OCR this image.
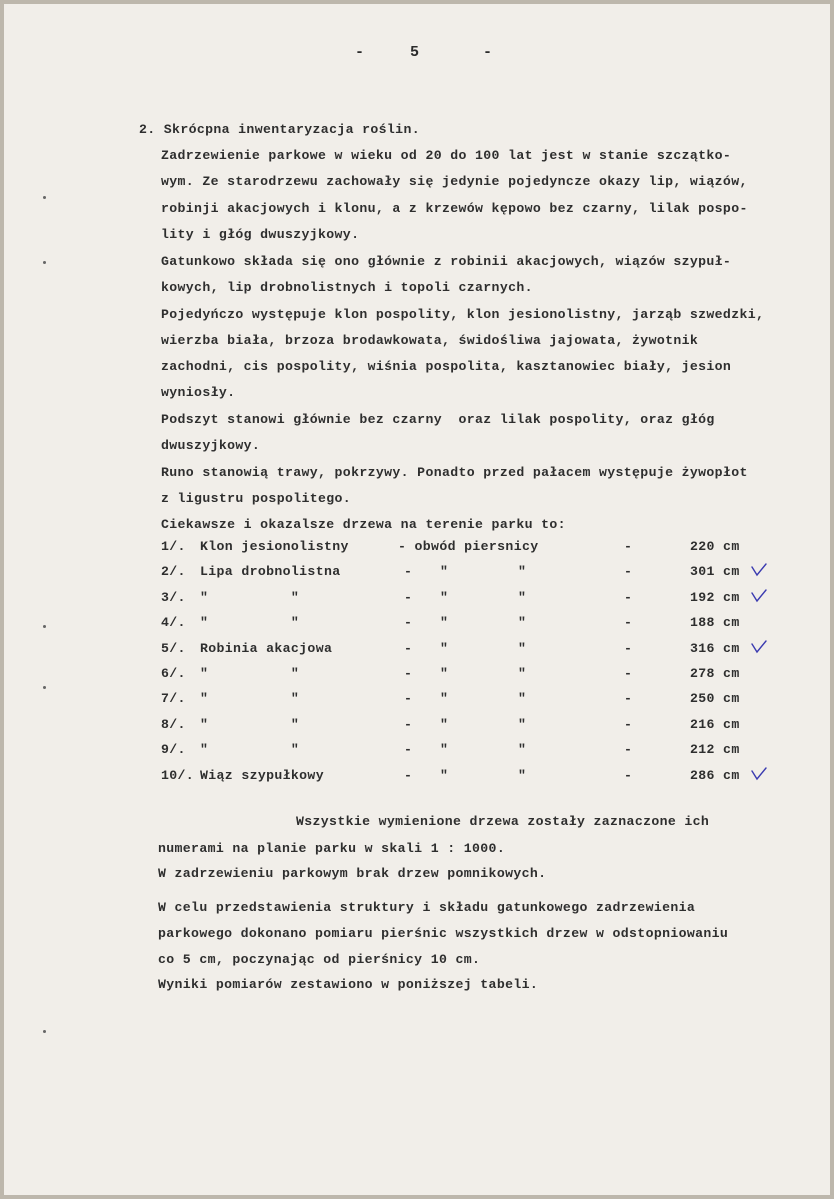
-	5	-
2. Skrócpna inwentaryzacja roślin.
Zadrzewienie parkowe w wieku od 20 do 100 lat jest w stanie szczątko-
wym. Ze starodrzewu zachowały się jedynie pojedyncze okazy lip, wiązów,
robinji akacjowych i klonu, a z krzewów kępowo bez czarny, lilak pospo-
lity i głóg dwuszyjkowy.
Gatunkowo składa się ono głównie z robinii akacjowych, wiązów szypuł-
kowych, lip drobnolistnych i topoli czarnych.
Pojedyńczo występuje klon pospolity, klon jesionolistny, jarząb szwedzki,
wierzba biała, brzoza brodawkowata, świdośliwa jajowata, żywotnik
zachodni, cis pospolity, wiśnia pospolita, kasztanowiec biały, jesion
wyniosły.
Podszyt stanowi głównie bez czarny  oraz lilak pospolity, oraz głóg
dwuszyjkowy.
Runo stanowią trawy, pokrzywy. Ponadto przed pałacem występuje żywopłot
z ligustru pospolitego.
Ciekawsze i okazalsze drzewa na terenie parku to:
1/. Klon jesionolistny	- obwód piersnicy	-	220 cm
2/. Lipa drobnolistna	- "	"	-	301 cm
3/. "          "	- "	"	-	192 cm
4/. "          "	- "	"	-	188 cm
5/. Robinia akacjowa	- "	"	-	316 cm
6/. "          "	- "	"	-	278 cm
7/. "          "	- "	"	-	250 cm
8/. "          "	- "	"	-	216 cm
9/. "          "	- "	"	-	212 cm
10/. Wiąz szypułkowy	- "	"	-	286 cm
Wszystkie wymienione drzewa zostały zaznaczone ich
numerami na planie parku w skali 1 : 1000.
W zadrzewieniu parkowym brak drzew pomnikowych.
W celu przedstawienia struktury i składu gatunkowego zadrzewienia
parkowego dokonano pomiaru pierśnic wszystkich drzew w odstopniowaniu
co 5 cm, poczynając od pierśnicy 10 cm.
Wyniki pomiarów zestawiono w poniższej tabeli.
